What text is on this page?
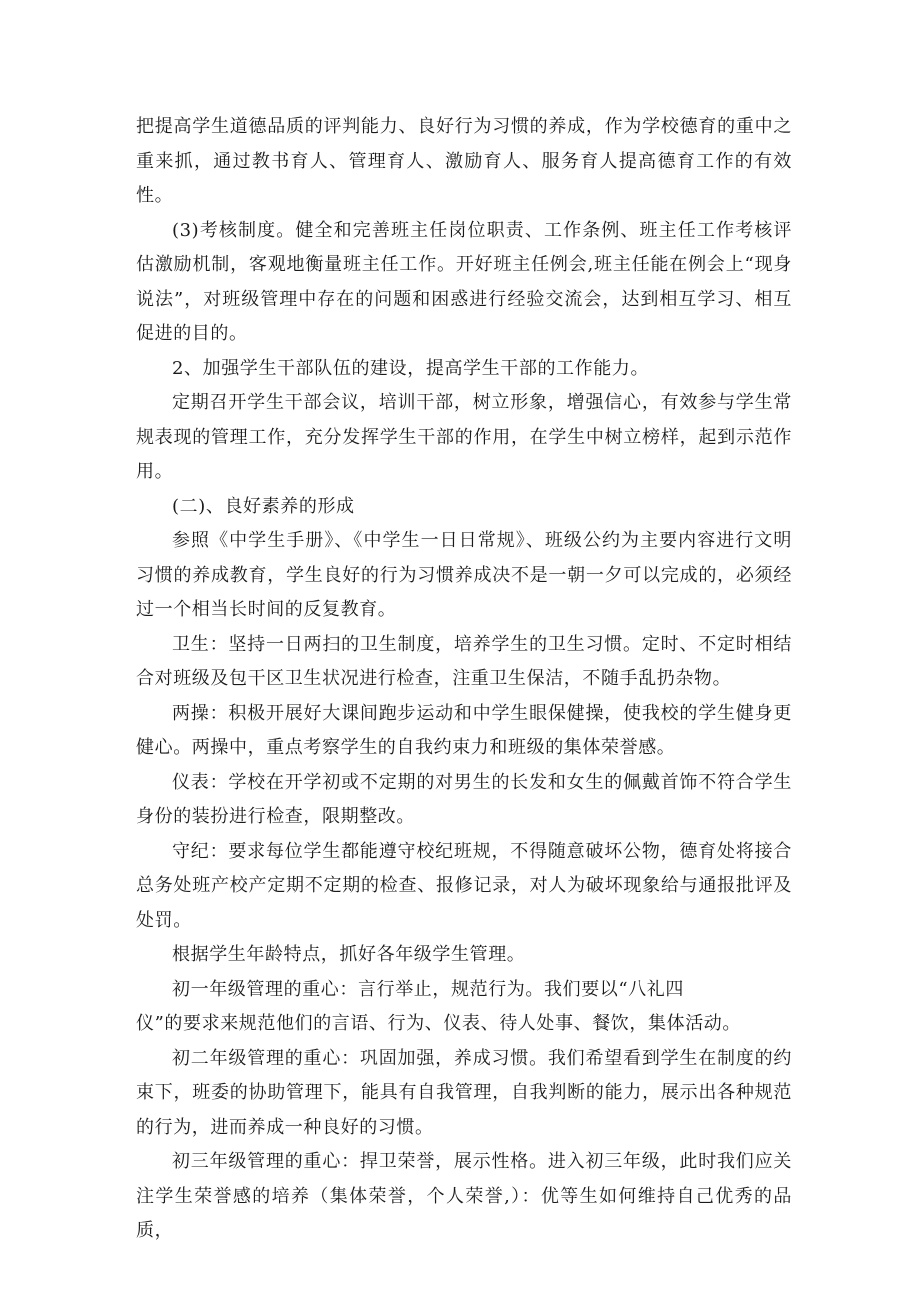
把提高学生道德品质的评判能力、良好行为习惯的养成，作为学校德育的重中之重来抓，通过教书育人、管理育人、激励育人、服务育人提高德育工作的有效性。

(3)考核制度。健全和完善班主任岗位职责、工作条例、班主任工作考核评估激励机制，客观地衡量班主任工作。开好班主任例会,班主任能在例会上“现身说法”，对班级管理中存在的问题和困惑进行经验交流会，达到相互学习、相互促进的目的。

2、加强学生干部队伍的建设，提高学生干部的工作能力。

定期召开学生干部会议，培训干部，树立形象，增强信心，有效参与学生常规表现的管理工作，充分发挥学生干部的作用，在学生中树立榜样，起到示范作用。

(二)、良好素养的形成

参照《中学生手册》、《中学生一日日常规》、班级公约为主要内容进行文明习惯的养成教育，学生良好的行为习惯养成决不是一朝一夕可以完成的，必须经过一个相当长时间的反复教育。

卫生：坚持一日两扫的卫生制度，培养学生的卫生习惯。定时、不定时相结合对班级及包干区卫生状况进行检查，注重卫生保洁，不随手乱扔杂物。

两操：积极开展好大课间跑步运动和中学生眼保健操，使我校的学生健身更健心。两操中，重点考察学生的自我约束力和班级的集体荣誉感。

仪表：学校在开学初或不定期的对男生的长发和女生的佩戴首饰不符合学生身份的装扮进行检查，限期整改。

守纪：要求每位学生都能遵守校纪班规，不得随意破坏公物，德育处将接合总务处班产校产定期不定期的检查、报修记录，对人为破坏现象给与通报批评及处罚。

根据学生年龄特点，抓好各年级学生管理。

初一年级管理的重心：言行举止，规范行为。我们要以“八礼四

仪”的要求来规范他们的言语、行为、仪表、待人处事、餐饮，集体活动。

初二年级管理的重心：巩固加强，养成习惯。我们希望看到学生在制度的约束下，班委的协助管理下，能具有自我管理，自我判断的能力，展示出各种规范的行为，进而养成一种良好的习惯。

初三年级管理的重心：捍卫荣誉，展示性格。进入初三年级，此时我们应关注学生荣誉感的培养（集体荣誉，个人荣誉,）：优等生如何维持自己优秀的品质，
